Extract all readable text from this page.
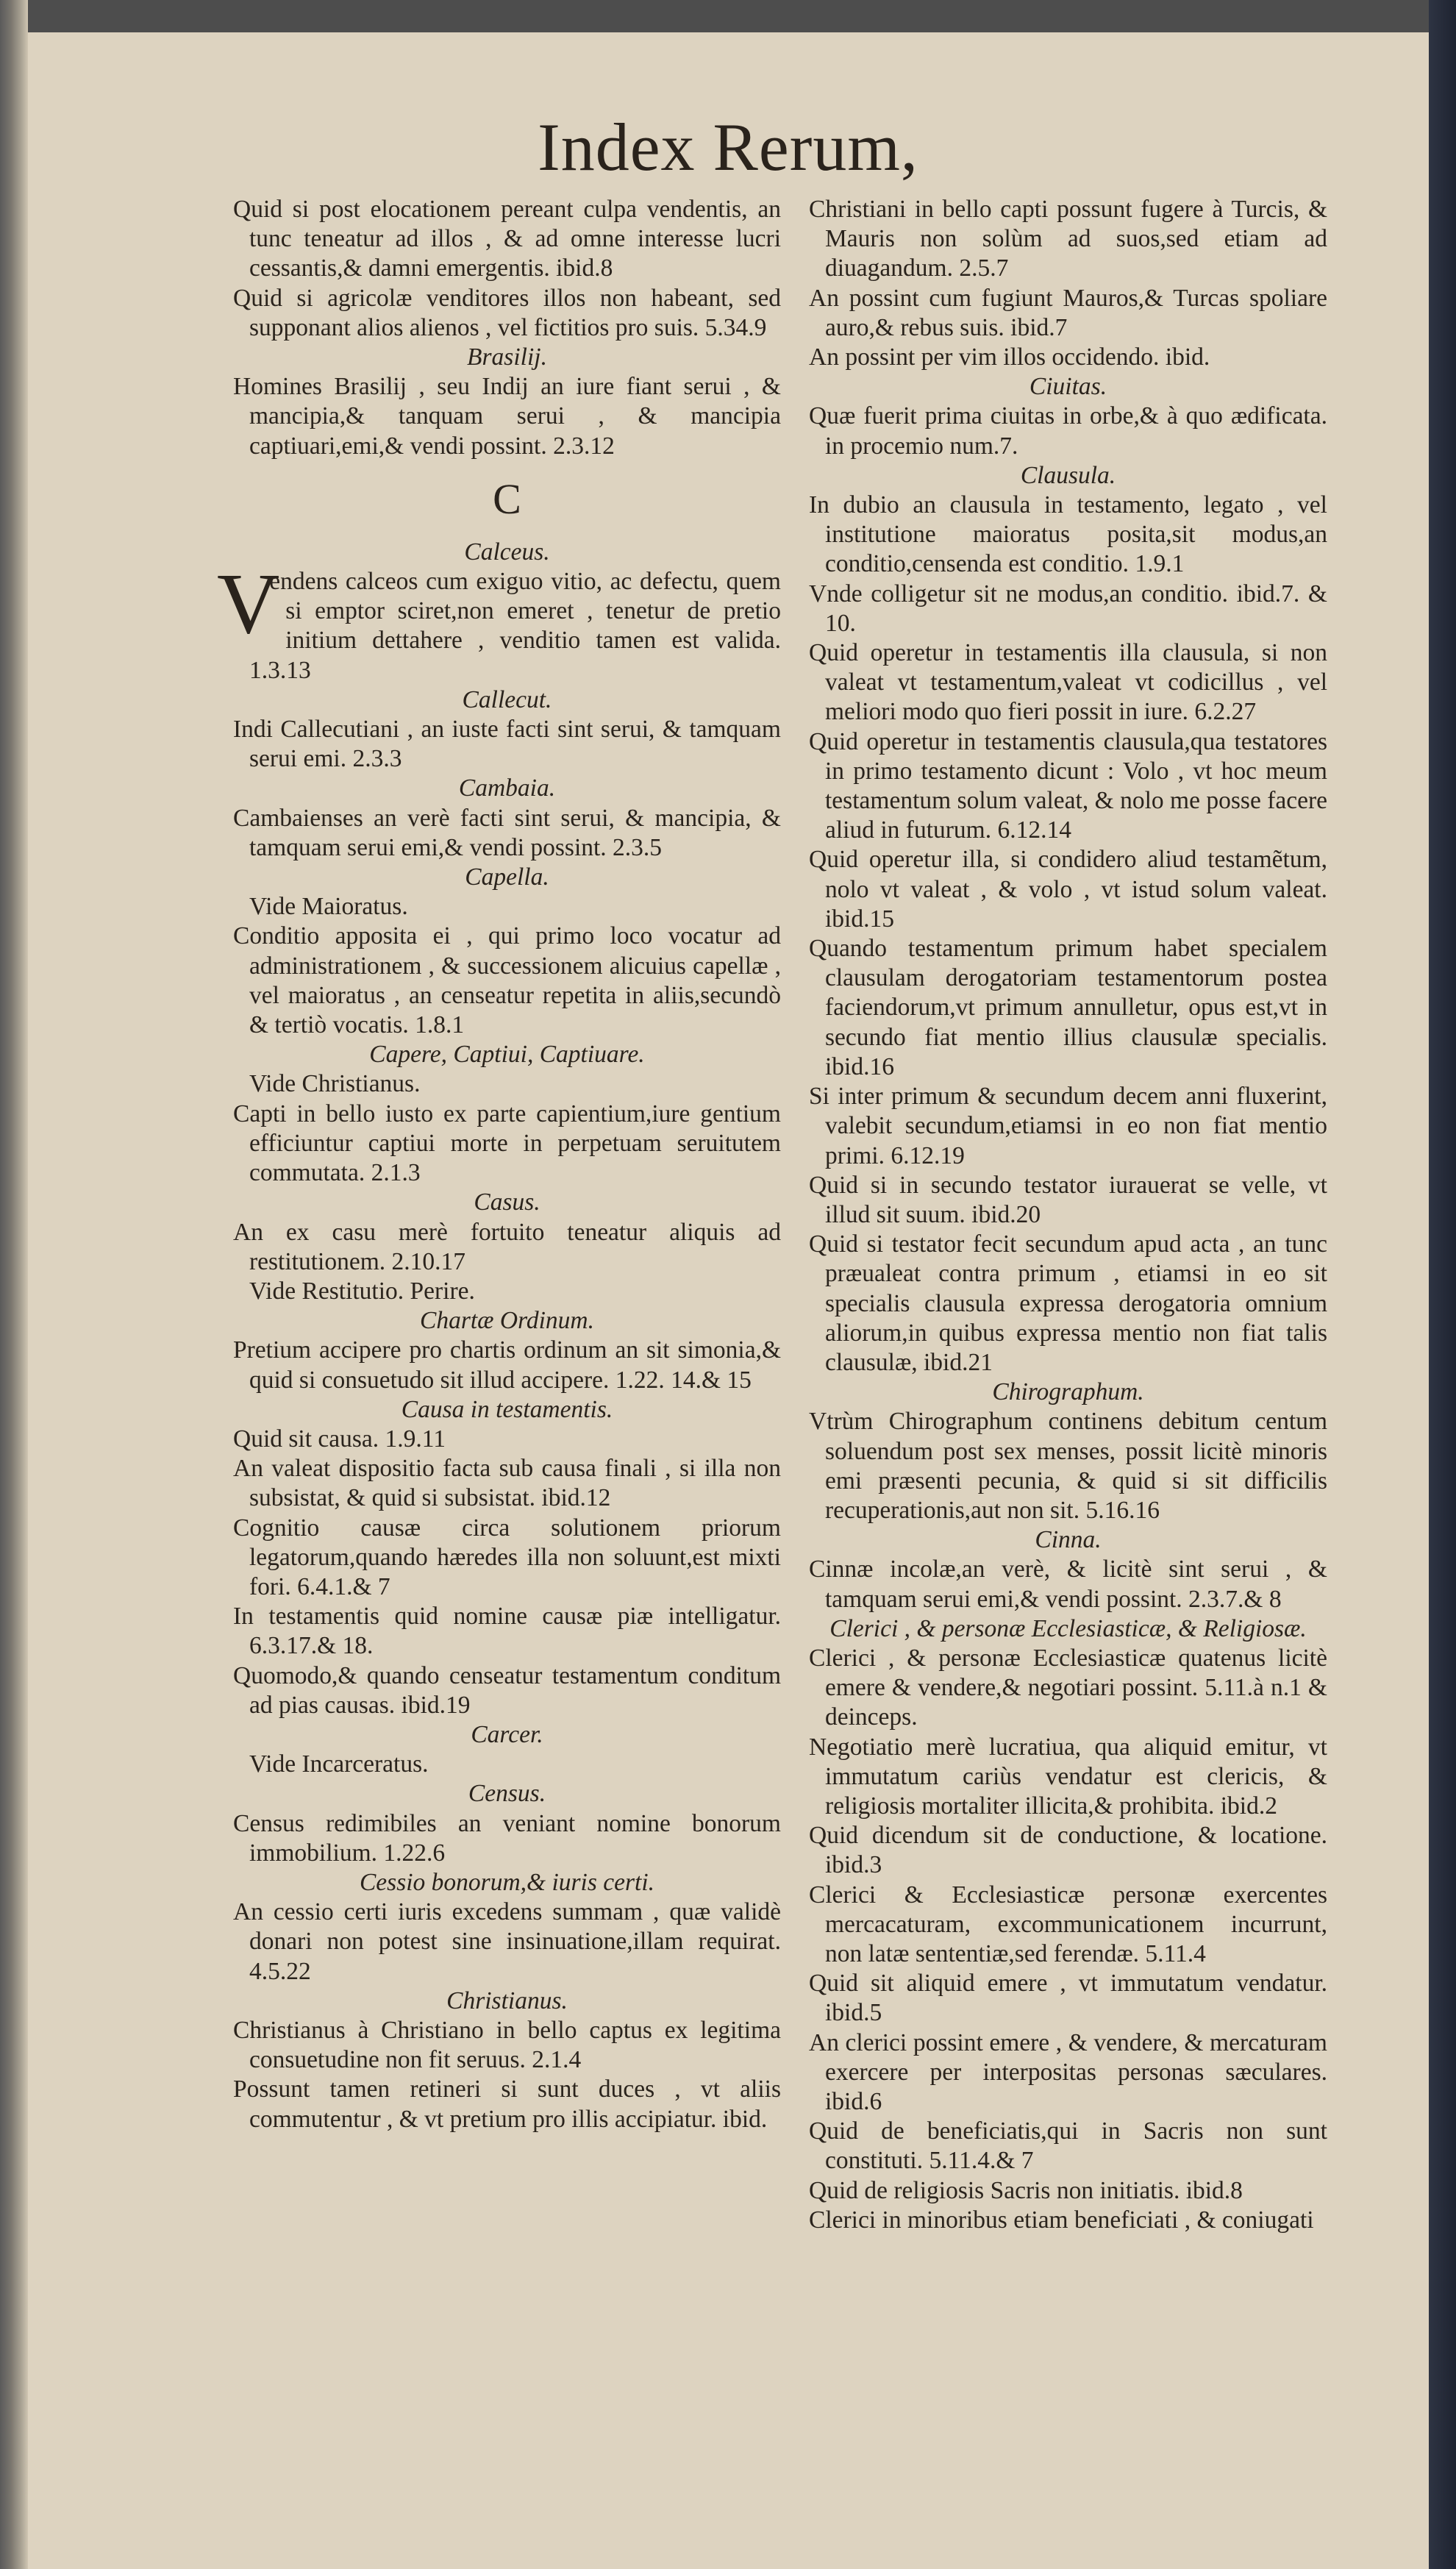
Index Rerum,

Quid si post elocationem pereant culpa vendentis, an tunc teneatur ad illos , & ad omne interesse lucri cessantis,& damni emergentis. ibid.8

Quid si agricolæ venditores illos non habeant, sed supponant alios alienos , vel fictitios pro suis. 5.34.9

Brasilij.

Homines Brasilij , seu Indij an iure fiant serui , & mancipia,& tanquam serui , & mancipia captiuari,emi,& vendi possint. 2.3.12

C

Calceus.

Vendens calceos cum exiguo vitio, ac defectu, quem si emptor sciret,non emeret , tenetur de pretio initium dettahere , venditio tamen est valida. 1.3.13

Callecut.

Indi Callecutiani , an iuste facti sint serui, & tamquam serui emi. 2.3.3

Cambaia.

Cambaienses an verè facti sint serui, & mancipia, & tamquam serui emi,& vendi possint. 2.3.5

Capella.

Vide Maioratus.

Conditio apposita ei , qui primo loco vocatur ad administrationem , & successionem alicuius capellæ , vel maioratus , an censeatur repetita in aliis,secundò & tertiò vocatis. 1.8.1

Capere, Captiui, Captiuare.

Vide Christianus.

Capti in bello iusto ex parte capientium,iure gentium efficiuntur captiui morte in perpetuam seruitutem commutata. 2.1.3

Casus.

An ex casu merè fortuito teneatur aliquis ad restitutionem. 2.10.17

Vide Restitutio. Perire.

Chartæ Ordinum.

Pretium accipere pro chartis ordinum an sit simonia,& quid si consuetudo sit illud accipere. 1.22. 14.& 15

Causa in testamentis.

Quid sit causa. 1.9.11

An valeat dispositio facta sub causa finali , si illa non subsistat, & quid si subsistat. ibid.12

Cognitio causæ circa solutionem priorum legatorum,quando hæredes illa non soluunt,est mixti fori. 6.4.1.& 7

In testamentis quid nomine causæ piæ intelligatur. 6.3.17.& 18.

Quomodo,& quando censeatur testamentum conditum ad pias causas. ibid.19

Carcer.

Vide Incarceratus.

Census.

Census redimibiles an veniant nomine bonorum immobilium. 1.22.6

Cessio bonorum,& iuris certi.

An cessio certi iuris excedens summam , quæ validè donari non potest sine insinuatione,illam requirat. 4.5.22

Christianus.

Christianus à Christiano in bello captus ex legitima consuetudine non fit seruus. 2.1.4

Possunt tamen retineri si sunt duces , vt aliis commutentur , & vt pretium pro illis accipiatur. ibid.

Christiani in bello capti possunt fugere à Turcis, & Mauris non solùm ad suos,sed etiam ad diuagandum. 2.5.7

An possint cum fugiunt Mauros,& Turcas spoliare auro,& rebus suis. ibid.7

An possint per vim illos occidendo. ibid.

Ciuitas.

Quæ fuerit prima ciuitas in orbe,& à quo ædificata. in procemio num.7.

Clausula.

In dubio an clausula in testamento, legato , vel institutione maioratus posita,sit modus,an conditio,censenda est conditio. 1.9.1

Vnde colligetur sit ne modus,an conditio. ibid.7. & 10.

Quid operetur in testamentis illa clausula, si non valeat vt testamentum,valeat vt codicillus , vel meliori modo quo fieri possit in iure. 6.2.27

Quid operetur in testamentis clausula,qua testatores in primo testamento dicunt : Volo , vt hoc meum testamentum solum valeat, & nolo me posse facere aliud in futurum. 6.12.14

Quid operetur illa, si condidero aliud testamẽtum, nolo vt valeat , & volo , vt istud solum valeat. ibid.15

Quando testamentum primum habet specialem clausulam derogatoriam testamentorum postea faciendorum,vt primum annulletur, opus est,vt in secundo fiat mentio illius clausulæ specialis. ibid.16

Si inter primum & secundum decem anni fluxerint, valebit secundum,etiamsi in eo non fiat mentio primi. 6.12.19

Quid si in secundo testator iurauerat se velle, vt illud sit suum. ibid.20

Quid si testator fecit secundum apud acta , an tunc præualeat contra primum , etiamsi in eo sit specialis clausula expressa derogatoria omnium aliorum,in quibus expressa mentio non fiat talis clausulæ, ibid.21

Chirographum.

Vtrùm Chirographum continens debitum centum soluendum post sex menses, possit licitè minoris emi præsenti pecunia, & quid si sit difficilis recuperationis,aut non sit. 5.16.16

Cinna.

Cinnæ incolæ,an verè, & licitè sint serui , & tamquam serui emi,& vendi possint. 2.3.7.& 8

Clerici , & personæ Ecclesiasticæ, & Religiosæ.

Clerici , & personæ Ecclesiasticæ quatenus licitè emere & vendere,& negotiari possint. 5.11.à n.1 & deinceps.

Negotiatio merè lucratiua, qua aliquid emitur, vt immutatum cariùs vendatur est clericis, & religiosis mortaliter illicita,& prohibita. ibid.2

Quid dicendum sit de conductione, & locatione. ibid.3

Clerici & Ecclesiasticæ personæ exercentes mercacaturam, excommunicationem incurrunt, non latæ sententiæ,sed ferendæ. 5.11.4

Quid sit aliquid emere , vt immutatum vendatur. ibid.5

An clerici possint emere , & vendere, & mercaturam exercere per interpositas personas sæculares. ibid.6

Quid de beneficiatis,qui in Sacris non sunt constituti. 5.11.4.& 7

Quid de religiosis Sacris non initiatis. ibid.8

Clerici in minoribus etiam beneficiati , & coniugati
